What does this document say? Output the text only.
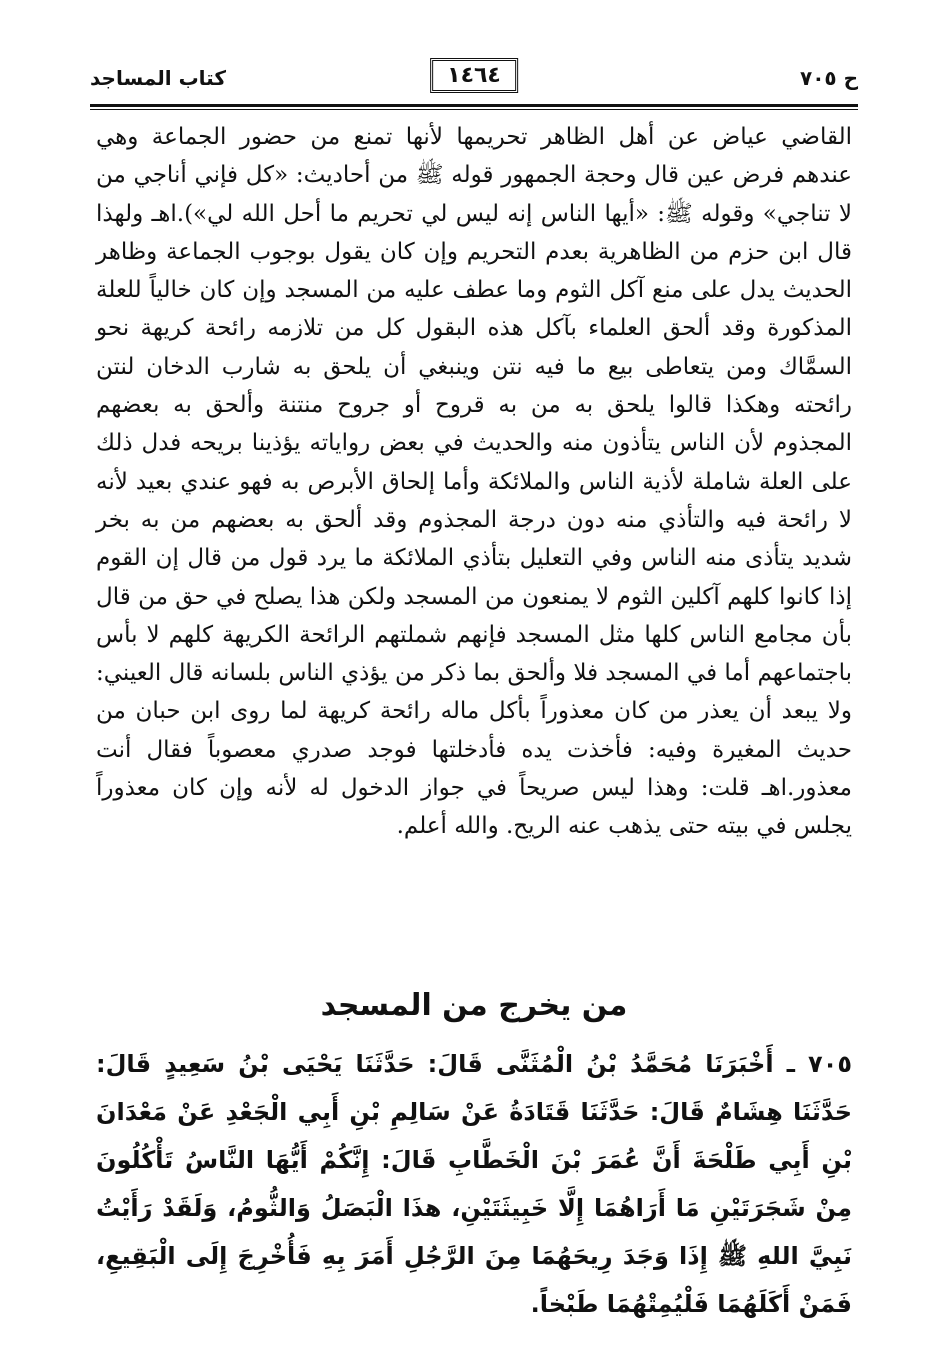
ح ٧٠٥
١٤٦٤
كتاب المساجد

القاضي عياض عن أهل الظاهر تحريمها لأنها تمنع من حضور الجماعة وهي عندهم فرض عين قال وحجة الجمهور قوله ﷺ من أحاديث: «كل فإني أناجي من لا تناجي» وقوله ﷺ: «أيها الناس إنه ليس لي تحريم ما أحل الله لي»).اهـ ولهذا قال ابن حزم من الظاهرية بعدم التحريم وإن كان يقول بوجوب الجماعة وظاهر الحديث يدل على منع آكل الثوم وما عطف عليه من المسجد وإن كان خالياً للعلة المذكورة وقد ألحق العلماء بآكل هذه البقول كل من تلازمه رائحة كريهة نحو السمَّاك ومن يتعاطى بيع ما فيه نتن وينبغي أن يلحق به شارب الدخان لنتن رائحته وهكذا قالوا يلحق به من به قروح أو جروح منتنة وألحق به بعضهم المجذوم لأن الناس يتأذون منه والحديث في بعض رواياته يؤذينا بريحه فدل ذلك على العلة شاملة لأذية الناس والملائكة وأما إلحاق الأبرص به فهو عندي بعيد لأنه لا رائحة فيه والتأذي منه دون درجة المجذوم وقد ألحق به بعضهم من به بخر شديد يتأذى منه الناس وفي التعليل بتأذي الملائكة ما يرد قول من قال إن القوم إذا كانوا كلهم آكلين الثوم لا يمنعون من المسجد ولكن هذا يصلح في حق من قال بأن مجامع الناس كلها مثل المسجد فإنهم شملتهم الرائحة الكريهة كلهم لا بأس باجتماعهم أما في المسجد فلا وألحق بما ذكر من يؤذي الناس بلسانه قال العيني: ولا يبعد أن يعذر من كان معذوراً بأكل ماله رائحة كريهة لما روى ابن حبان من حديث المغيرة وفيه: فأخذت يده فأدخلتها فوجد صدري معصوباً فقال أنت معذور.اهـ قلت: وهذا ليس صريحاً في جواز الدخول له لأنه وإن كان معذوراً يجلس في بيته حتى يذهب عنه الريح. والله أعلم.

من يخرج من المسجد

٧٠٥ ـ أَخْبَرَنَا مُحَمَّدُ بْنُ الْمُثَنَّى قَالَ: حَدَّثَنَا يَحْيَى بْنُ سَعِيدٍ قَالَ: حَدَّثَنَا هِشَامٌ قَالَ: حَدَّثَنَا قَتَادَةُ عَنْ سَالِمِ بْنِ أَبِي الْجَعْدِ عَنْ مَعْدَانَ بْنِ أَبِي طَلْحَةَ أَنَّ عُمَرَ بْنَ الْخَطَّابِ قَالَ: إِنَّكُمْ أَيُّهَا النَّاسُ تَأْكُلُونَ مِنْ شَجَرَتَيْنِ مَا أَرَاهُمَا إِلَّا خَبِيثَتَيْنِ، هذَا الْبَصَلُ وَالثُّومُ، وَلَقَدْ رَأَيْتُ نَبِيَّ اللهِ ﷺ إِذَا وَجَدَ رِيحَهُمَا مِنَ الرَّجُلِ أَمَرَ بِهِ فَأُخْرِجَ إِلَى الْبَقِيعِ، فَمَنْ أَكَلَهُمَا فَلْيُمِتْهُمَا طَبْخاً.
